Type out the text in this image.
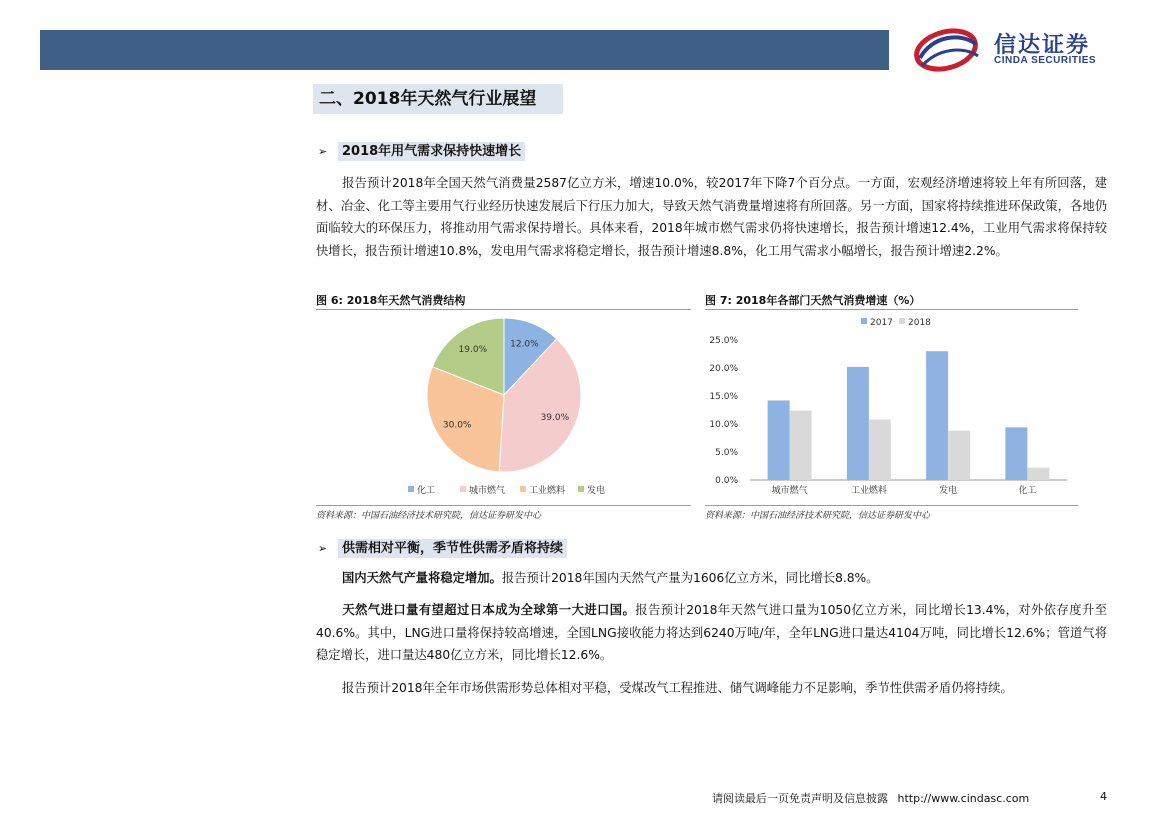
信达证券
CINDA SECURITIES
二、2018年天然气行业展望
➢ 2018年用气需求保持快速增长

报告预计2018年全国天然气消费量2587亿立方米，增速10.0%，较2017年下降7个百分点。一方面，宏观经济增速将较上年有所回落，建材、冶金、化工等主要用气行业经历快速发展后下行压力加大，导致天然气消费量增速将有所回落。另一方面，国家将持续推进环保政策，各地仍面临较大的环保压力，将推动用气需求保持增长。具体来看，2018年城市燃气需求仍将快速增长，报告预计增速12.4%，工业用气需求将保持较快增长，报告预计增速10.8%，发电用气需求将稳定增长，报告预计增速8.8%，化工用气需求小幅增长，报告预计增速2.2%。

图 6: 2018年天然气消费结构
12.0%
39.0%
30.0%
19.0%
化工	城市燃气	工业燃料 发电
资料来源：中国石油经济技术研究院，信达证券研发中心
图 7: 2018年各部门天然气消费增速（%）
0.0%
5.0%
10.0%
15.0%
20.0%
25.0%
城市燃气	工业燃料	发电	化工
2017 2018
资料来源：中国石油经济技术研究院，信达证券研发中心
➢ 供需相对平衡，季节性供需矛盾将持续

国内天然气产量将稳定增加。报告预计2018年国内天然气产量为1606亿立方米，同比增长8.8%。

天然气进口量有望超过日本成为全球第一大进口国。报告预计2018年天然气进口量为1050亿立方米，同比增长13.4%，对外依存度升至40.6%。其中，LNG进口量将保持较高增速，全国LNG接收能力将达到6240万吨/年，全年LNG进口量达4104万吨，同比增长12.6%；管道气将稳定增长，进口量达480亿立方米，同比增长12.6%。

报告预计2018年全年市场供需形势总体相对平稳，受煤改气工程推进、储气调峰能力不足影响，季节性供需矛盾仍将持续。

请阅读最后一页免责声明及信息披露 http://www.cindasc.com	4
